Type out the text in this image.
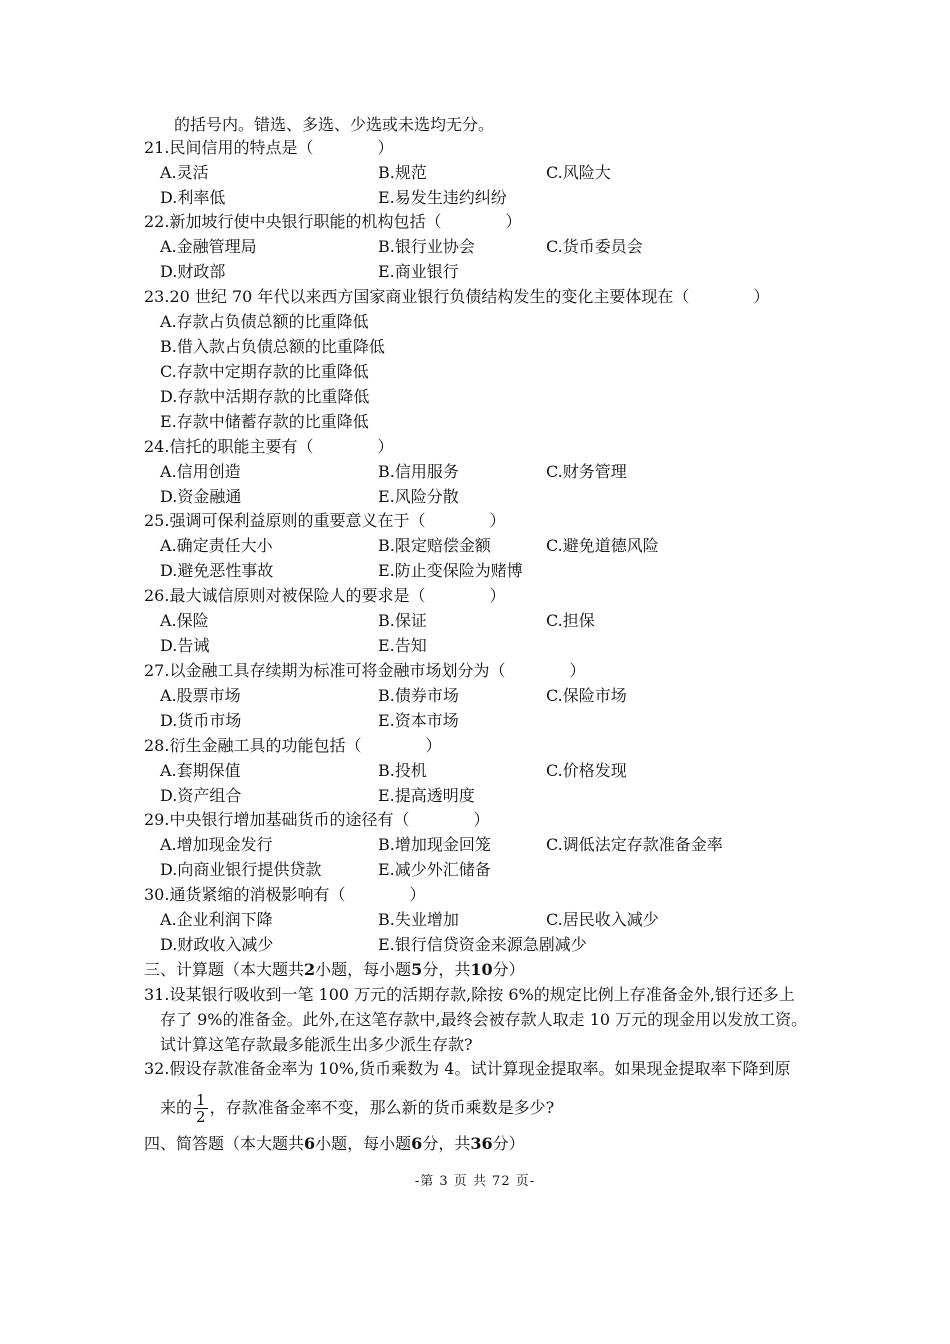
的括号内。错选、多选、少选或未选均无分。
21.民间信用的特点是（　　　　）
A.灵活	B.规范	C.风险大
D.利率低	E.易发生违约纠纷
22.新加坡行使中央银行职能的机构包括（　　　　）
A.金融管理局	B.银行业协会	C.货币委员会
D.财政部	E.商业银行
23.20 世纪 70 年代以来西方国家商业银行负债结构发生的变化主要体现在（　　　　）
A.存款占负债总额的比重降低
B.借入款占负债总额的比重降低
C.存款中定期存款的比重降低
D.存款中活期存款的比重降低
E.存款中储蓄存款的比重降低
24.信托的职能主要有（　　　　）
A.信用创造	B.信用服务	C.财务管理
D.资金融通	E.风险分散
25.强调可保利益原则的重要意义在于（　　　　）
A.确定责任大小	B.限定赔偿金额	C.避免道德风险
D.避免恶性事故	E.防止变保险为赌博
26.最大诚信原则对被保险人的要求是（　　　　）
A.保险	B.保证	C.担保
D.告诫	E.告知
27.以金融工具存续期为标准可将金融市场划分为（　　　　）
A.股票市场	B.债券市场	C.保险市场
D.货币市场	E.资本市场
28.衍生金融工具的功能包括（　　　　）
A.套期保值	B.投机	C.价格发现
D.资产组合	E.提高透明度
29.中央银行增加基础货币的途径有（　　　　）
A.增加现金发行	B.增加现金回笼	C.调低法定存款准备金率
D.向商业银行提供贷款	E.减少外汇储备
30.通货紧缩的消极影响有（　　　　）
A.企业利润下降	B.失业增加	C.居民收入减少
D.财政收入减少	E.银行信贷资金来源急剧减少
三、计算题（本大题共2小题，每小题5分，共10分）
31.设某银行吸收到一笔 100 万元的活期存款,除按 6%的规定比例上存准备金外,银行还多上
存了 9%的准备金。此外,在这笔存款中,最终会被存款人取走 10 万元的现金用以发放工资。
试计算这笔存款最多能派生出多少派生存款?
32.假设存款准备金率为 10%,货币乘数为 4。试计算现金提取率。如果现金提取率下降到原
来的 $\frac{1}{2}$ ，存款准备金率不变，那么新的货币乘数是多少?
四、简答题（本大题共6小题，每小题6分，共36分）
-第 3 页 共 72 页-
